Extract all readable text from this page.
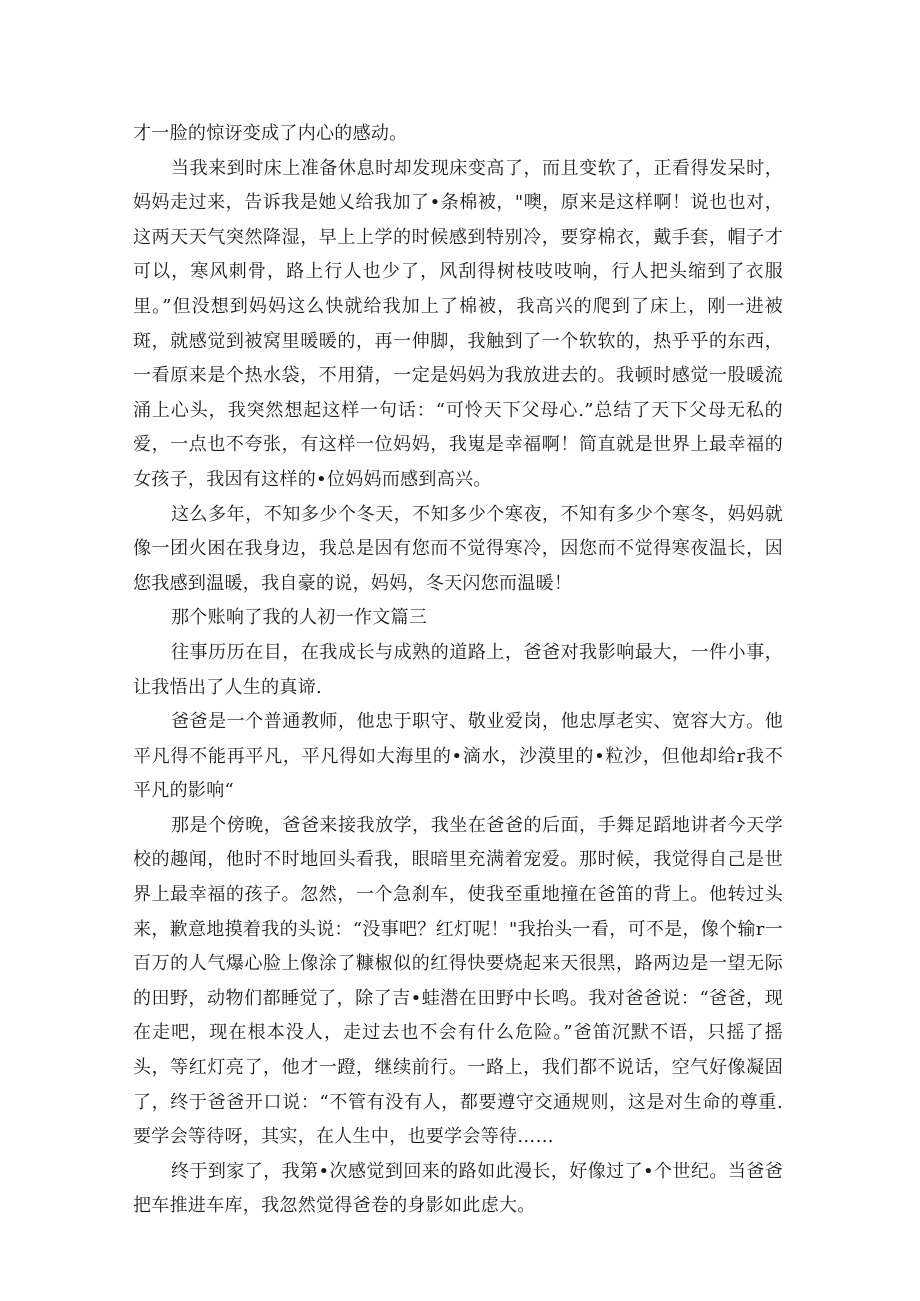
才一脸的惊讶变成了内心的感动。

当我来到时床上准备休息时却发现床变高了，而且变软了，正看得发呆时，妈妈走过来，告诉我是她乂给我加了•条棉被，"噢，原来是这样啊！说也也对，这两天天气突然降湿，早上上学的时候感到特别冷，要穿棉衣，戴手套，帽子才可以，寒风刺骨，路上行人也少了，风刮得树枝吱吱响，行人把头缩到了衣服里。”但没想到妈妈这么快就给我加上了棉被，我高兴的爬到了床上，刚一进被斑，就感觉到被窝里暖暖的，再一伸脚，我触到了一个软软的，热乎乎的东西，一看原来是个热水袋，不用猜，一定是妈妈为我放进去的。我顿时感觉一股暖流涌上心头，我突然想起这样一句话：“可怜天下父母心.”总结了天下父母无私的爱，一点也不夸张，有这样一位妈妈，我嵬是幸福啊！简直就是世界上最幸福的女孩子，我因有这样的•位妈妈而感到高兴。

这么多年，不知多少个冬天，不知多少个寒夜，不知有多少个寒冬，妈妈就像一团火困在我身边，我总是因有您而不觉得寒冷，因您而不觉得寒夜温长，因您我感到温暖，我自豪的说，妈妈，冬天闪您而温暖！

那个账响了我的人初一作文篇三

往事历历在目，在我成长与成熟的道路上，爸爸对我影响最大，一件小事，让我悟出了人生的真谛.

爸爸是一个普通教师，他忠于职守、敬业爱岗，他忠厚老实、宽容大方。他平凡得不能再平凡，平凡得如大海里的•滴水，沙漠里的•粒沙，但他却给r我不平凡的影响“

那是个傍晚，爸爸来接我放学，我坐在爸爸的后面，手舞足蹈地讲者今天学校的趣闻，他时不时地回头看我，眼暗里充满着宠爱。那时候，我觉得自己是世界上最幸福的孩子。忽然，一个急刹车，使我至重地撞在爸笛的背上。他转过头来，歉意地摸着我的头说：“没事吧？红灯呢！"我抬头一看，可不是，像个输r一百万的人气爆心脸上像涂了糠椒似的红得快要烧起来天很黑，路两边是一望无际的田野，动物们都睡觉了，除了吉•蛙潜在田野中长鸣。我对爸爸说：“爸爸，现在走吧，现在根本没人，走过去也不会有什么危险。”爸笛沉默不语，只摇了摇头，等红灯亮了，他才一蹬，继续前行。一路上，我们都不说话，空气好像凝固了，终于爸爸开口说：“不管有没有人，都要遵守交通规则，这是对生命的尊重.要学会等待呀，其实，在人生中，也要学会等待……

终于到家了，我第•次感觉到回来的路如此漫长，好像过了•个世纪。当爸爸把车推进车库，我忽然觉得爸卷的身影如此虑大。
